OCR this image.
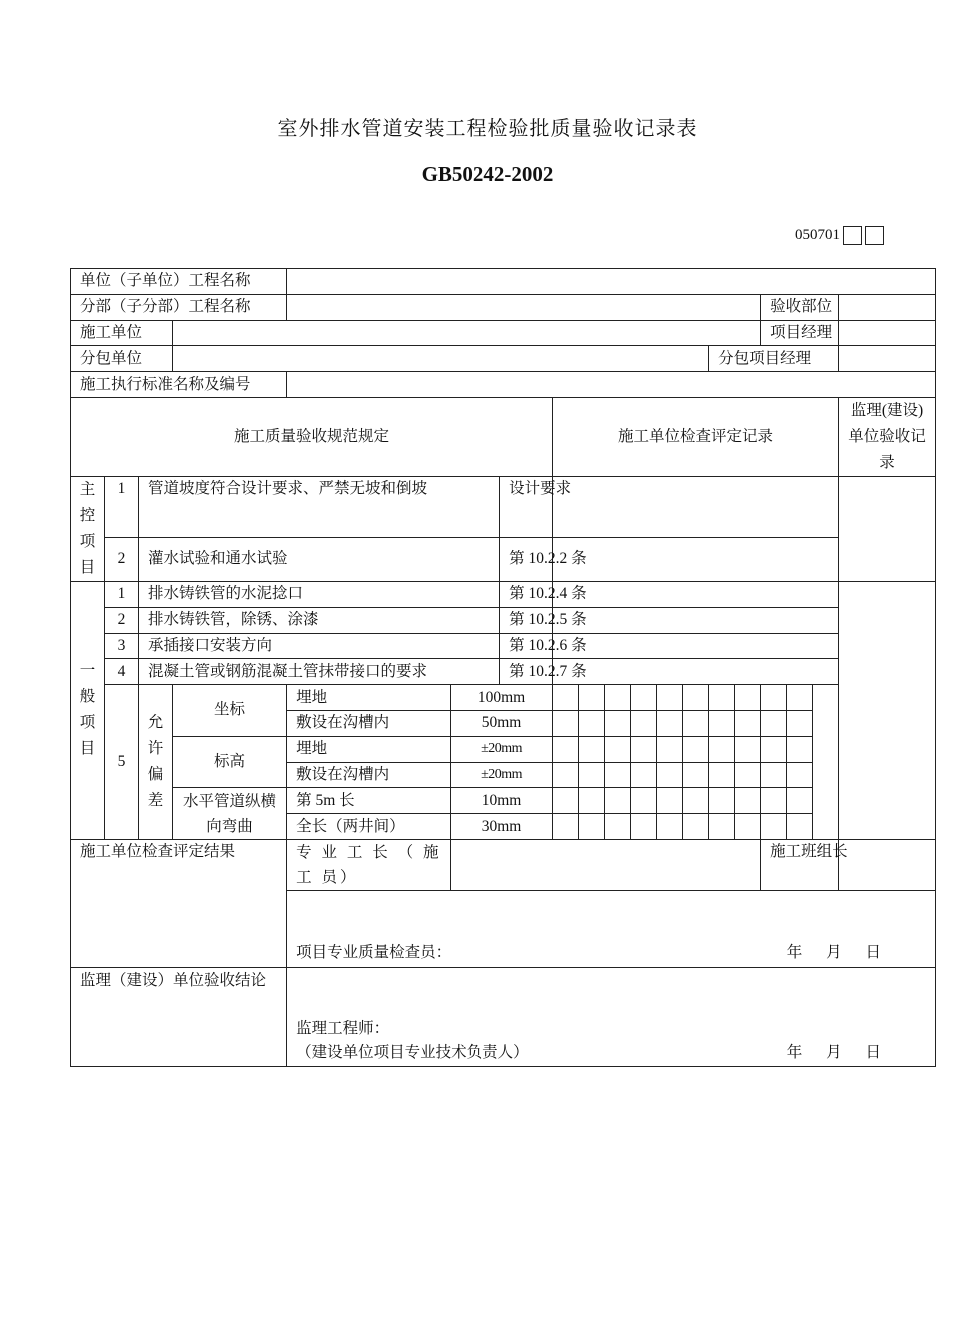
室外排水管道安装工程检验批质量验收记录表
GB50242-2002
050701
单位（子单位）工程名称																	
分部（子分部）工程名称															验收部位		
施工单位															项目经理		
分包单位													分包项目经理				
施工执行标准名称及编号																	
施工质量验收规范规定							施工单位检查评定记录										监理(建设)单位验收记录
主控项目	1	管道坡度符合设计要求、严禁无坡和倒坡				设计要求											
	2	灌水试验和通水试验				第 10.2.2 条											
一般项目	1	排水铸铁管的水泥捻口				第 10.2.4 条											
	2	排水铸铁管，除锈、涂漆				第 10.2.5 条											
	3	承插接口安装方向				第 10.2.6 条											
	4	混凝土管或钢筋混凝土管抹带接口的要求				第 10.2.7 条											
	5	允许偏差	坐标	埋地	100mm												
				敷设在沟槽内	50mm												
			标高	埋地	±20mm												
				敷设在沟槽内	±20mm												
			水平管道纵横向弯曲	第 5m 长	10mm												
				全长（两井间）	30mm												
施工单位检查评定结果				专 业 工 长 （ 施 工 员）											施工班组长		

				项目专业质量检查员： 年 月 日													

监理（建设）单位验收结论				监理工程师：
（建设单位项目专业技术负责人） 年 月 日													
